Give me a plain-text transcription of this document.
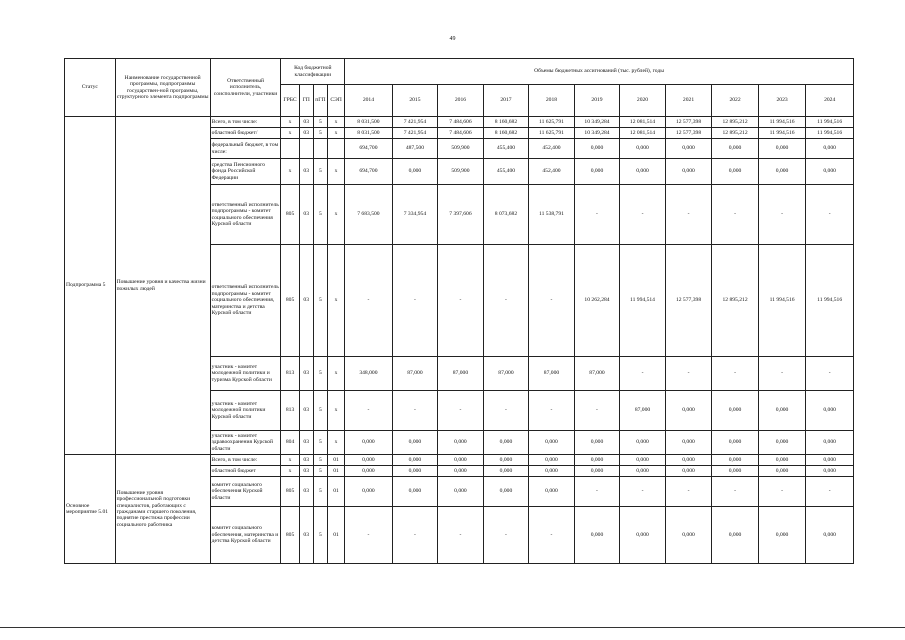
49
Статус	Наименование государственной программы, подпрограммы государствен-ной программы, структурного элемента подпрограммы	Ответственный исполнитель, соисполнители, участники	Код бюджетной классификации				Объемы бюджетных ассигнований (тыс. рублей), годы										
			ГРБС	ГП	пГП	СЭП	2014	2015	2016	2017	2018	2019	2020	2021	2022	2023	2024
Подпрограмма 5	Повышение уровня и качества жизни пожилых людей	Всего, в том числе:	х	03	5	х	8 031,500	7 421,954	7 484,606	8 160,682	11 625,791	10 349,284	12 081,514	12 577,398	12 895,212	11 994,516	11 994,516
		областной бюджет/	х	03	5	х	8 031,500	7 421,954	7 484,606	8 160,682	11 625,791	10 349,284	12 081,514	12 577,398	12 895,212	11 994,516	11 994,516
		федеральный бюджет, в том числе:					694,700	487,500	509,900	455,400	452,400	0,000	0,000	0,000	0,000	0,000	0,000
		средства Пенсионного фонда Российской Федерации	х	03	5	х	694,700	0,000	509,900	455,400	452,400	0,000	0,000	0,000	0,000	0,000	0,000
		ответственный исполнитель подпрограммы - комитет социального обеспечения Курской области	805	03	5	х	7 683,500	7 334,954	7 397,606	8 073,682	11 538,791	-	-	-	-	-	-
		ответственный исполнитель подпрограммы - комитет социального обеспечения, материнства и детства Курской области	805	03	5	х	-	-	-	-	-	10 262,284	11 994,514	12 577,398	12 895,212	11 994,516	11 994,516
		участник - комитет молодежной политики и туризма Курской области	813	03	5	х	348,000	87,000	87,000	87,000	87,000	87,000	-	-	-	-	-
		участник - комитет молодежной политики Курской области	813	03	5	х	-	-	-	-	-	-	87,000	0,000	0,000	0,000	0,000
		участник - комитет здравоохранения Курской области	804	03	5	х	0,000	0,000	0,000	0,000	0,000	0,000	0,000	0,000	0,000	0,000	0,000
Основное мероприятие 5.01	Повышение уровня профессиональной подготовки специалистов, работающих с гражданами старшего поколения, поднятие престижа профессии социального работника	Всего, в том числе:	х	03	5	01	0,000	0,000	0,000	0,000	0,000	0,000	0,000	0,000	0,000	0,000	0,000
		областной бюджет	х	03	5	01	0,000	0,000	0,000	0,000	0,000	0,000	0,000	0,000	0,000	0,000	0,000
		комитет социального обеспечения Курской области	805	03	5	01	0,000	0,000	0,000	0,000	0,000	-	-	-	-	-	-
		комитет социального обеспечения, материнства и детства Курской области	805	03	5	01	-	-	-	-	-	0,000	0,000	0,000	0,000	0,000	0,000
